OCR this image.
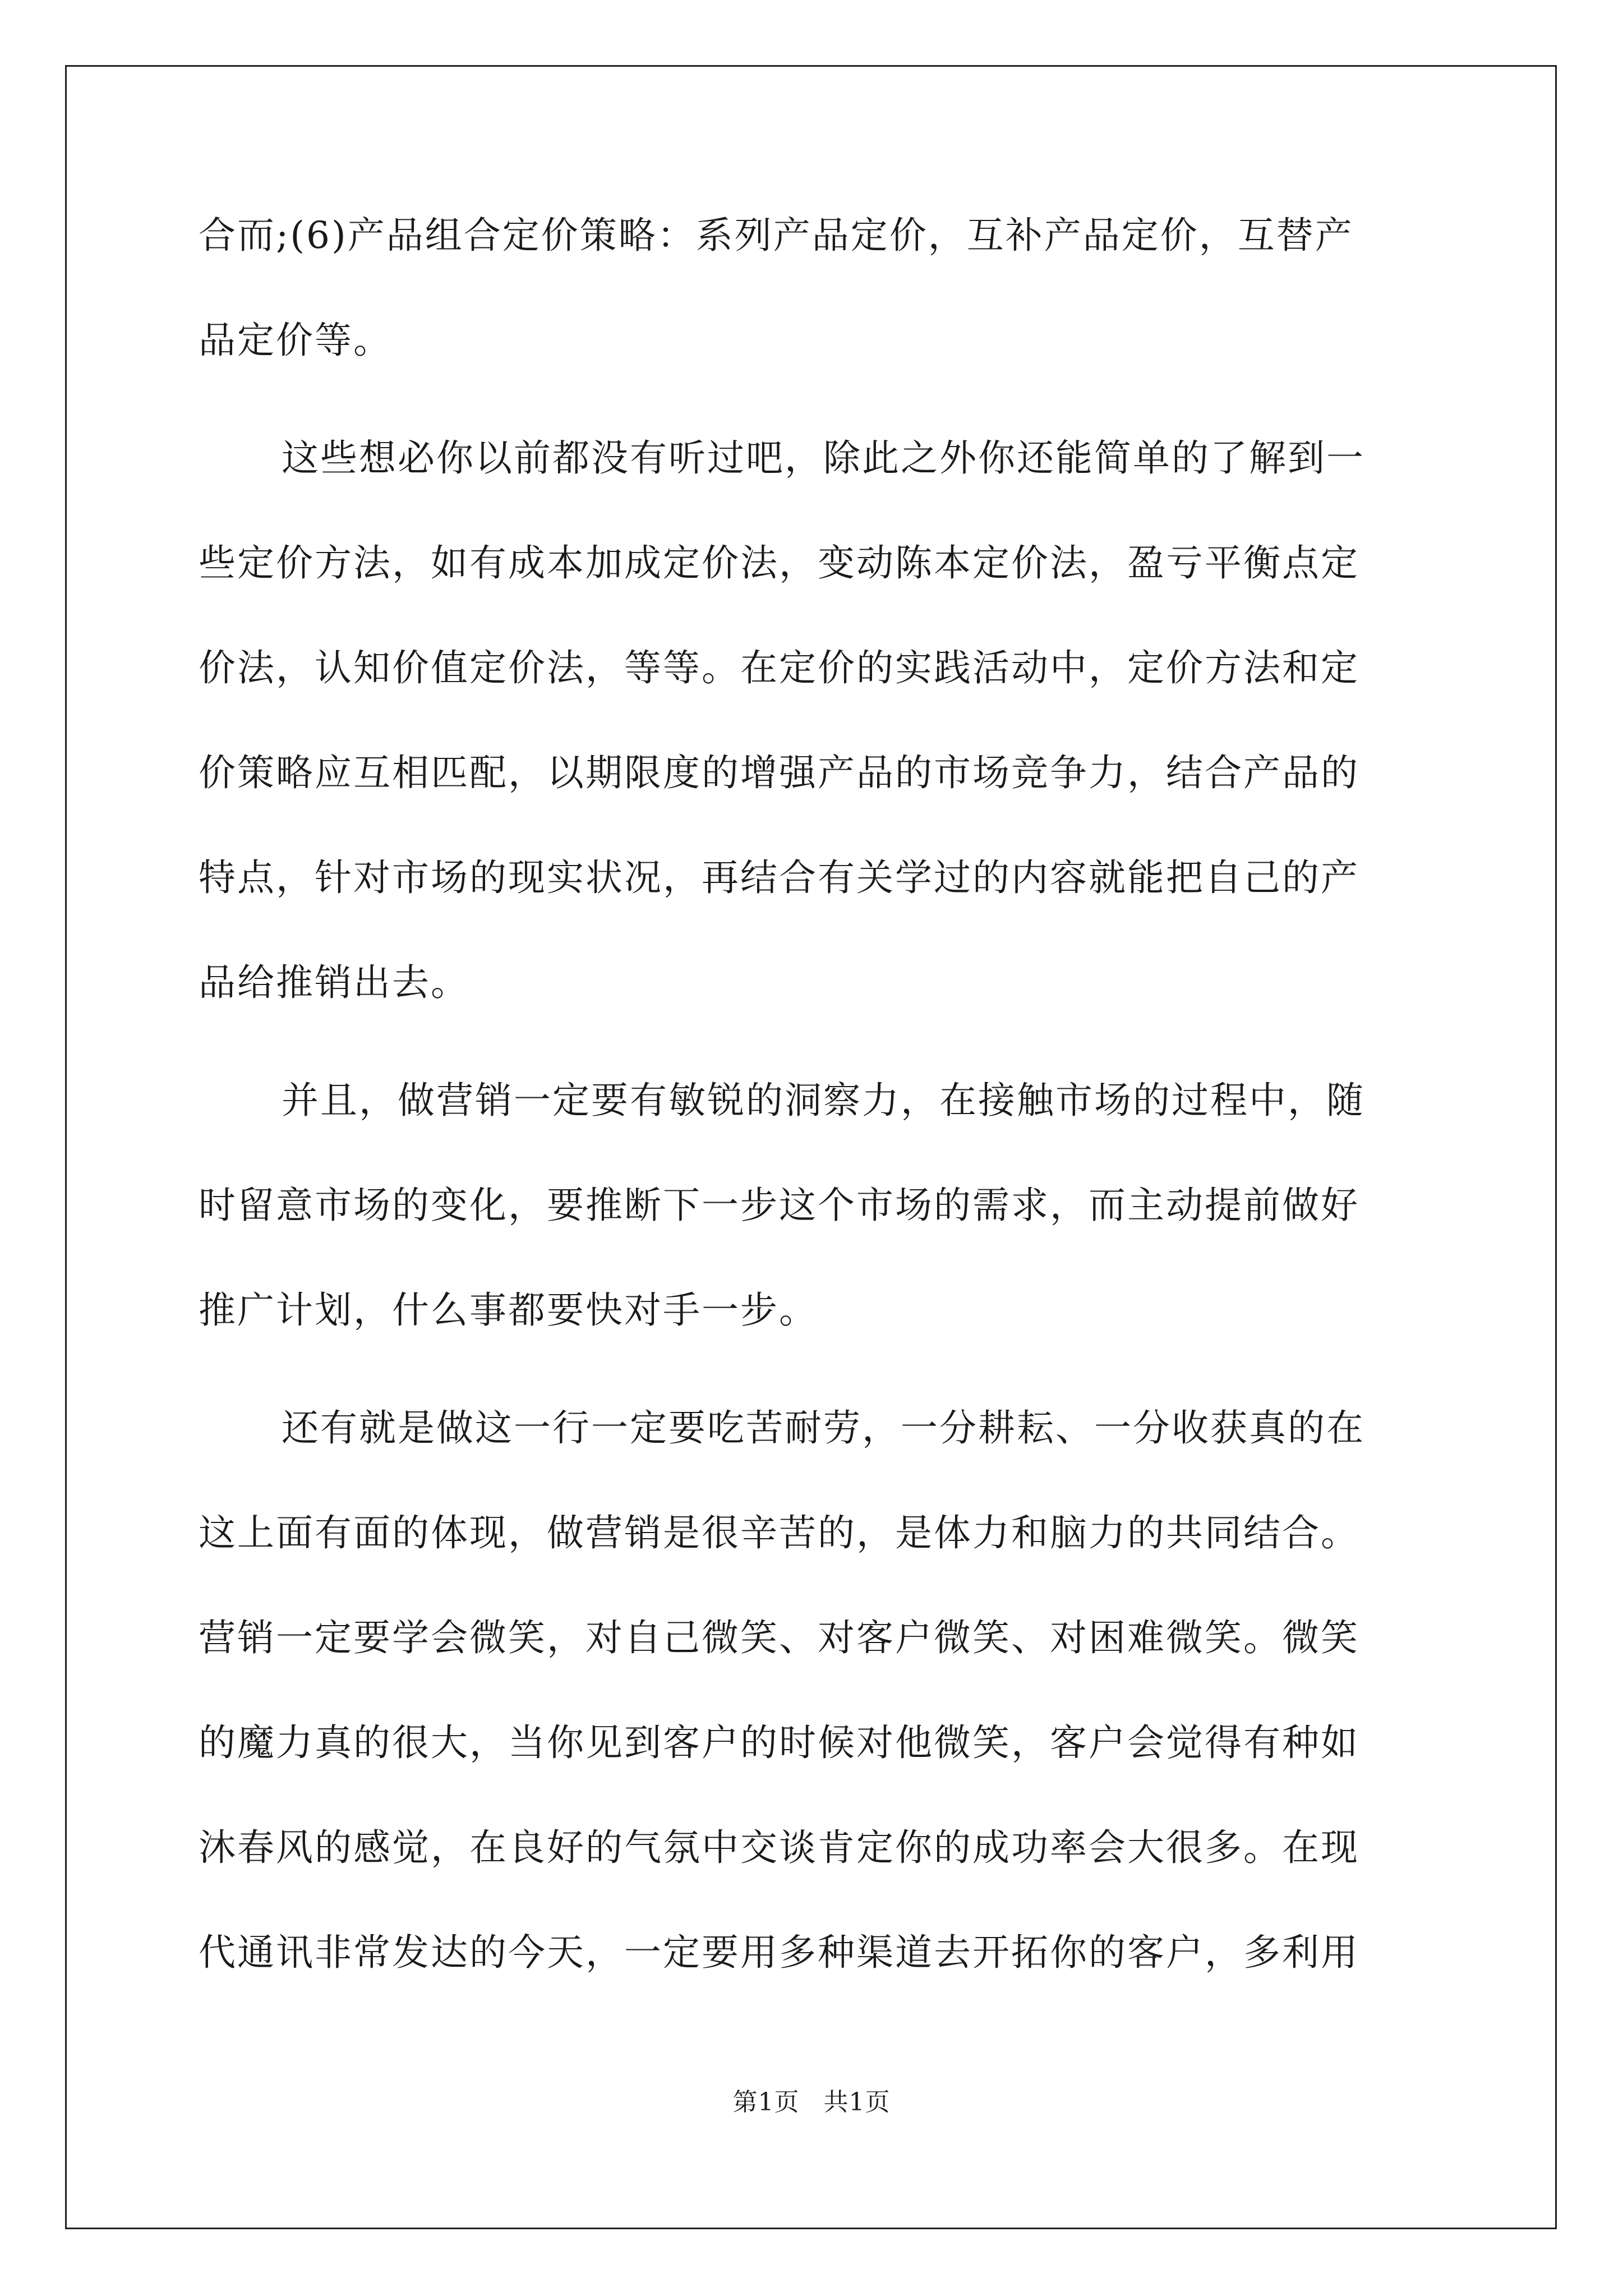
合而;(6)产品组合定价策略：系列产品定价，互补产品定价，互替产
品定价等。
这些想必你以前都没有听过吧，除此之外你还能简单的了解到一
些定价方法，如有成本加成定价法，变动陈本定价法，盈亏平衡点定
价法，认知价值定价法，等等。在定价的实践活动中，定价方法和定
价策略应互相匹配，以期限度的增强产品的市场竞争力，结合产品的
特点，针对市场的现实状况，再结合有关学过的内容就能把自己的产
品给推销出去。
并且，做营销一定要有敏锐的洞察力，在接触市场的过程中，随
时留意市场的变化，要推断下一步这个市场的需求，而主动提前做好
推广计划，什么事都要快对手一步。
还有就是做这一行一定要吃苦耐劳，一分耕耘、一分收获真的在
这上面有面的体现，做营销是很辛苦的，是体力和脑力的共同结合。
营销一定要学会微笑，对自己微笑、对客户微笑、对困难微笑。微笑
的魔力真的很大，当你见到客户的时候对他微笑，客户会觉得有种如
沐春风的感觉，在良好的气氛中交谈肯定你的成功率会大很多。在现
代通讯非常发达的今天，一定要用多种渠道去开拓你的客户，多利用
第1页 共1页
